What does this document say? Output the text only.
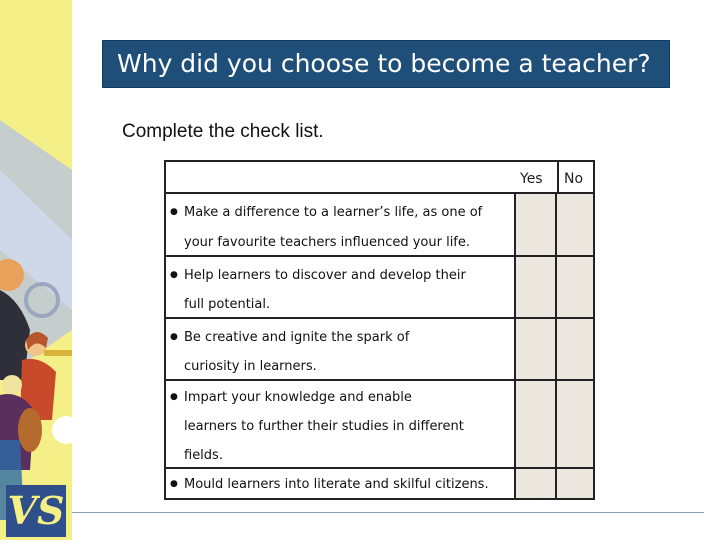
VS
Why did you choose to become a teacher?
Complete the check list.
Yes No
● Make a difference to a learner’s life, as one of
your favourite teachers influenced your life.
● Help learners to discover and develop their
full potential.
● Be creative and ignite the spark of
curiosity in learners.
● Impart your knowledge and enable
learners to further their studies in different
fields.
● Mould learners into literate and skilful citizens.
